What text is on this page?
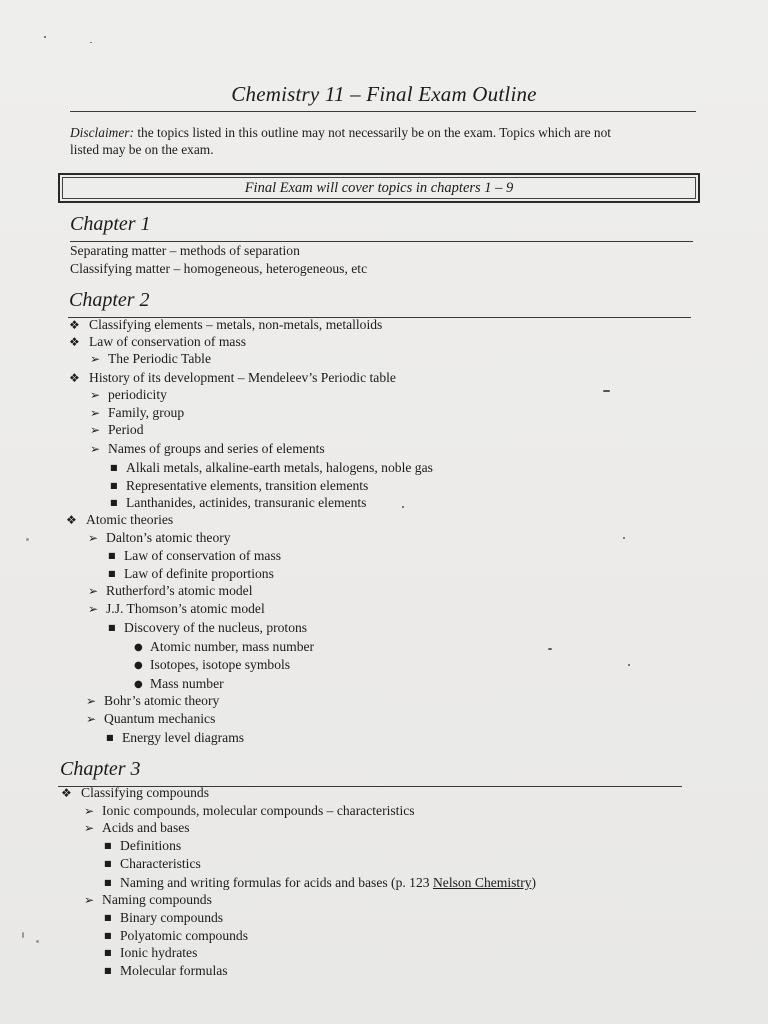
Chemistry 11 – Final Exam Outline
Disclaimer: the topics listed in this outline may not necessarily be on the exam. Topics which are not
listed may be on the exam.
Final Exam will cover topics in chapters 1 – 9
Chapter 1
Separating matter – methods of separation
Classifying matter – homogeneous, heterogeneous, etc
Chapter 2
❖ Classifying elements – metals, non-metals, metalloids
❖ Law of conservation of mass
➢ The Periodic Table
❖ History of its development – Mendeleev’s Periodic table
➢ periodicity
➢ Family, group
➢ Period
➢ Names of groups and series of elements
■ Alkali metals, alkaline-earth metals, halogens, noble gas
■ Representative elements, transition elements
■ Lanthanides, actinides, transuranic elements
❖ Atomic theories
➢ Dalton’s atomic theory
■ Law of conservation of mass
■ Law of definite proportions
➢ Rutherford’s atomic model
➢ J.J. Thomson’s atomic model
■ Discovery of the nucleus, protons
● Atomic number, mass number
● Isotopes, isotope symbols
● Mass number
➢ Bohr’s atomic theory
➢ Quantum mechanics
■ Energy level diagrams
Chapter 3
❖ Classifying compounds
➢ Ionic compounds, molecular compounds – characteristics
➢ Acids and bases
■ Definitions
■ Characteristics
■ Naming and writing formulas for acids and bases (p. 123 Nelson Chemistry)
➢ Naming compounds
■ Binary compounds
■ Polyatomic compounds
■ Ionic hydrates
■ Molecular formulas
